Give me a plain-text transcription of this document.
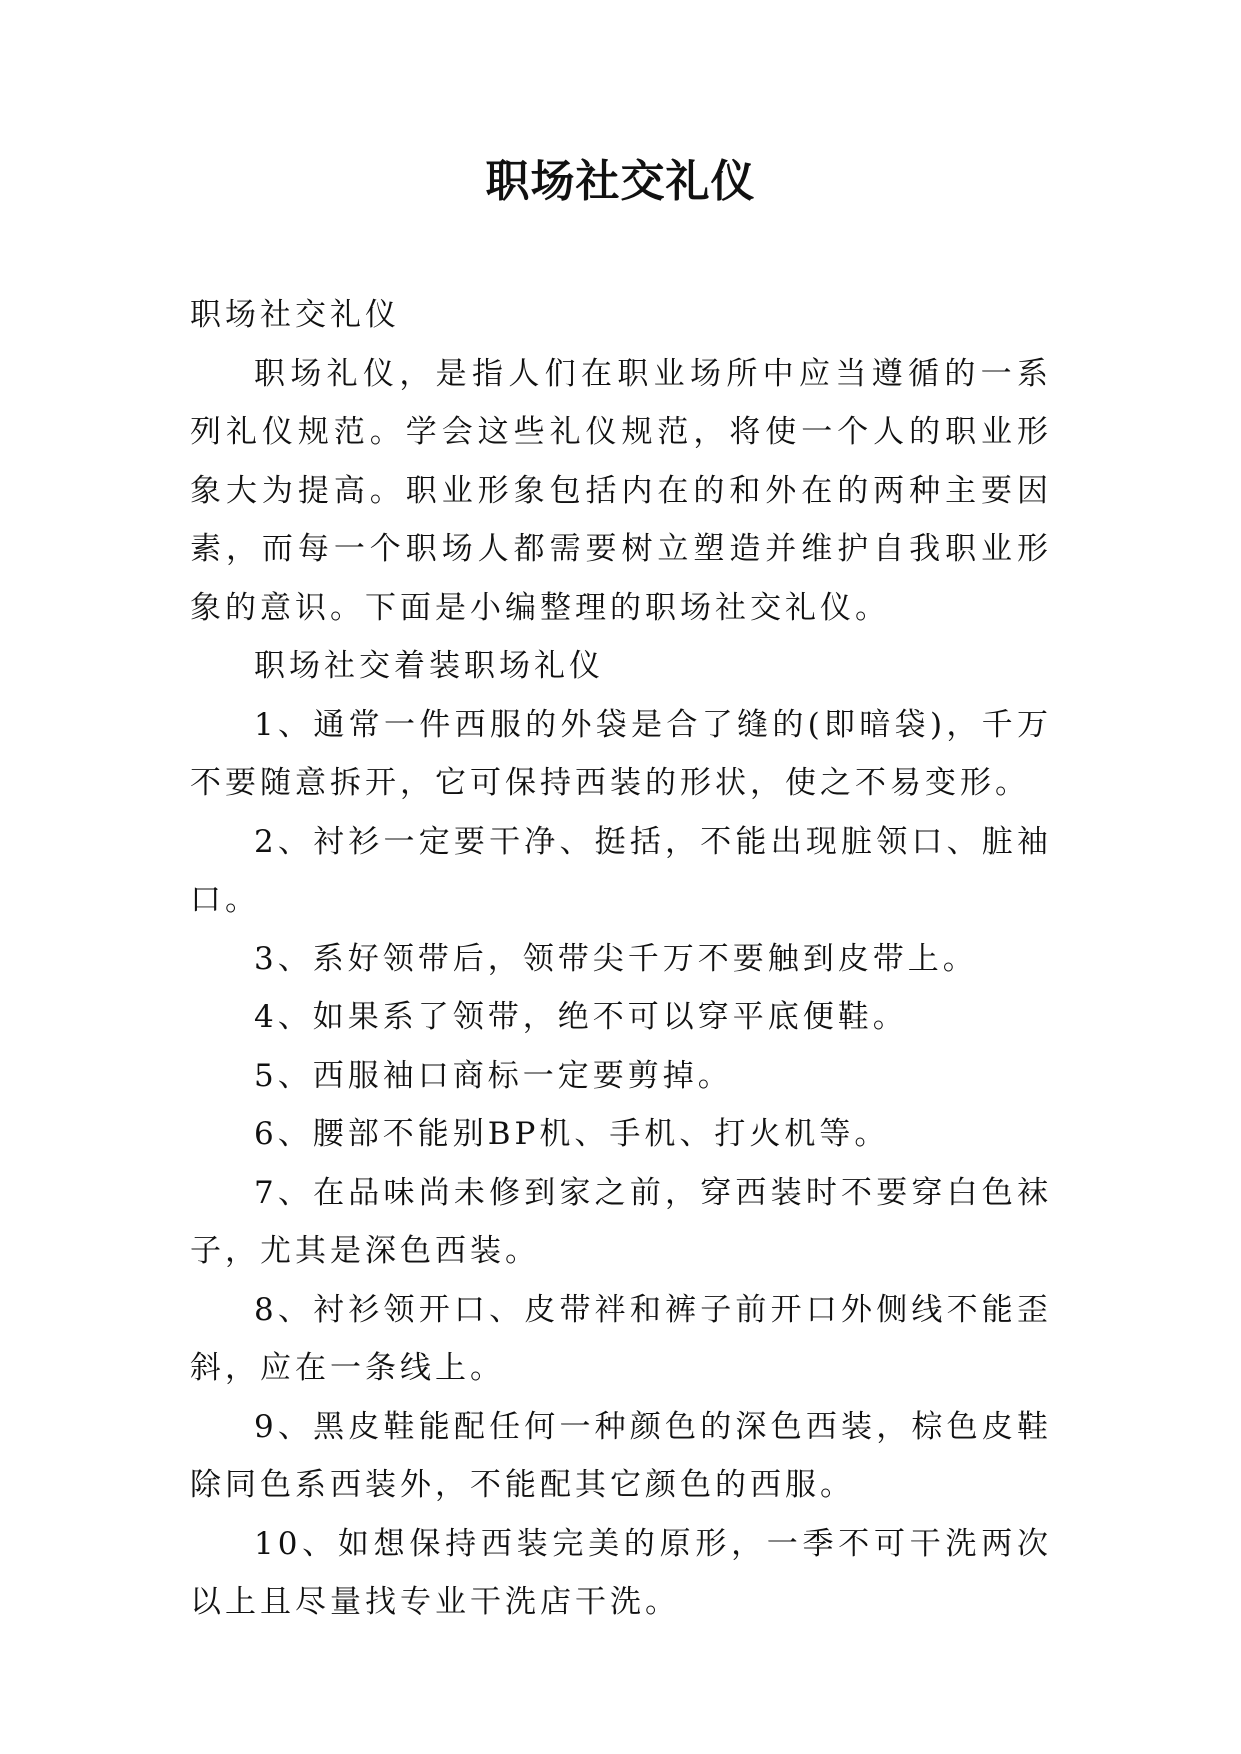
职场社交礼仪

职场社交礼仪

职场礼仪，是指人们在职业场所中应当遵循的一系列礼仪规范。学会这些礼仪规范，将使一个人的职业形象大为提高。职业形象包括内在的和外在的两种主要因素，而每一个职场人都需要树立塑造并维护自我职业形象的意识。下面是小编整理的职场社交礼仪。

职场社交着装职场礼仪

1、通常一件西服的外袋是合了缝的(即暗袋)，千万不要随意拆开，它可保持西装的形状，使之不易变形。

2、衬衫一定要干净、挺括，不能出现脏领口、脏袖口。

3、系好领带后，领带尖千万不要触到皮带上。

4、如果系了领带，绝不可以穿平底便鞋。

5、西服袖口商标一定要剪掉。

6、腰部不能别BP机、手机、打火机等。

7、在品味尚未修到家之前，穿西装时不要穿白色袜子，尤其是深色西装。

8、衬衫领开口、皮带袢和裤子前开口外侧线不能歪斜，应在一条线上。

9、黑皮鞋能配任何一种颜色的深色西装，棕色皮鞋除同色系西装外，不能配其它颜色的西服。

10、如想保持西装完美的原形，一季不可干洗两次以上且尽量找专业干洗店干洗。
